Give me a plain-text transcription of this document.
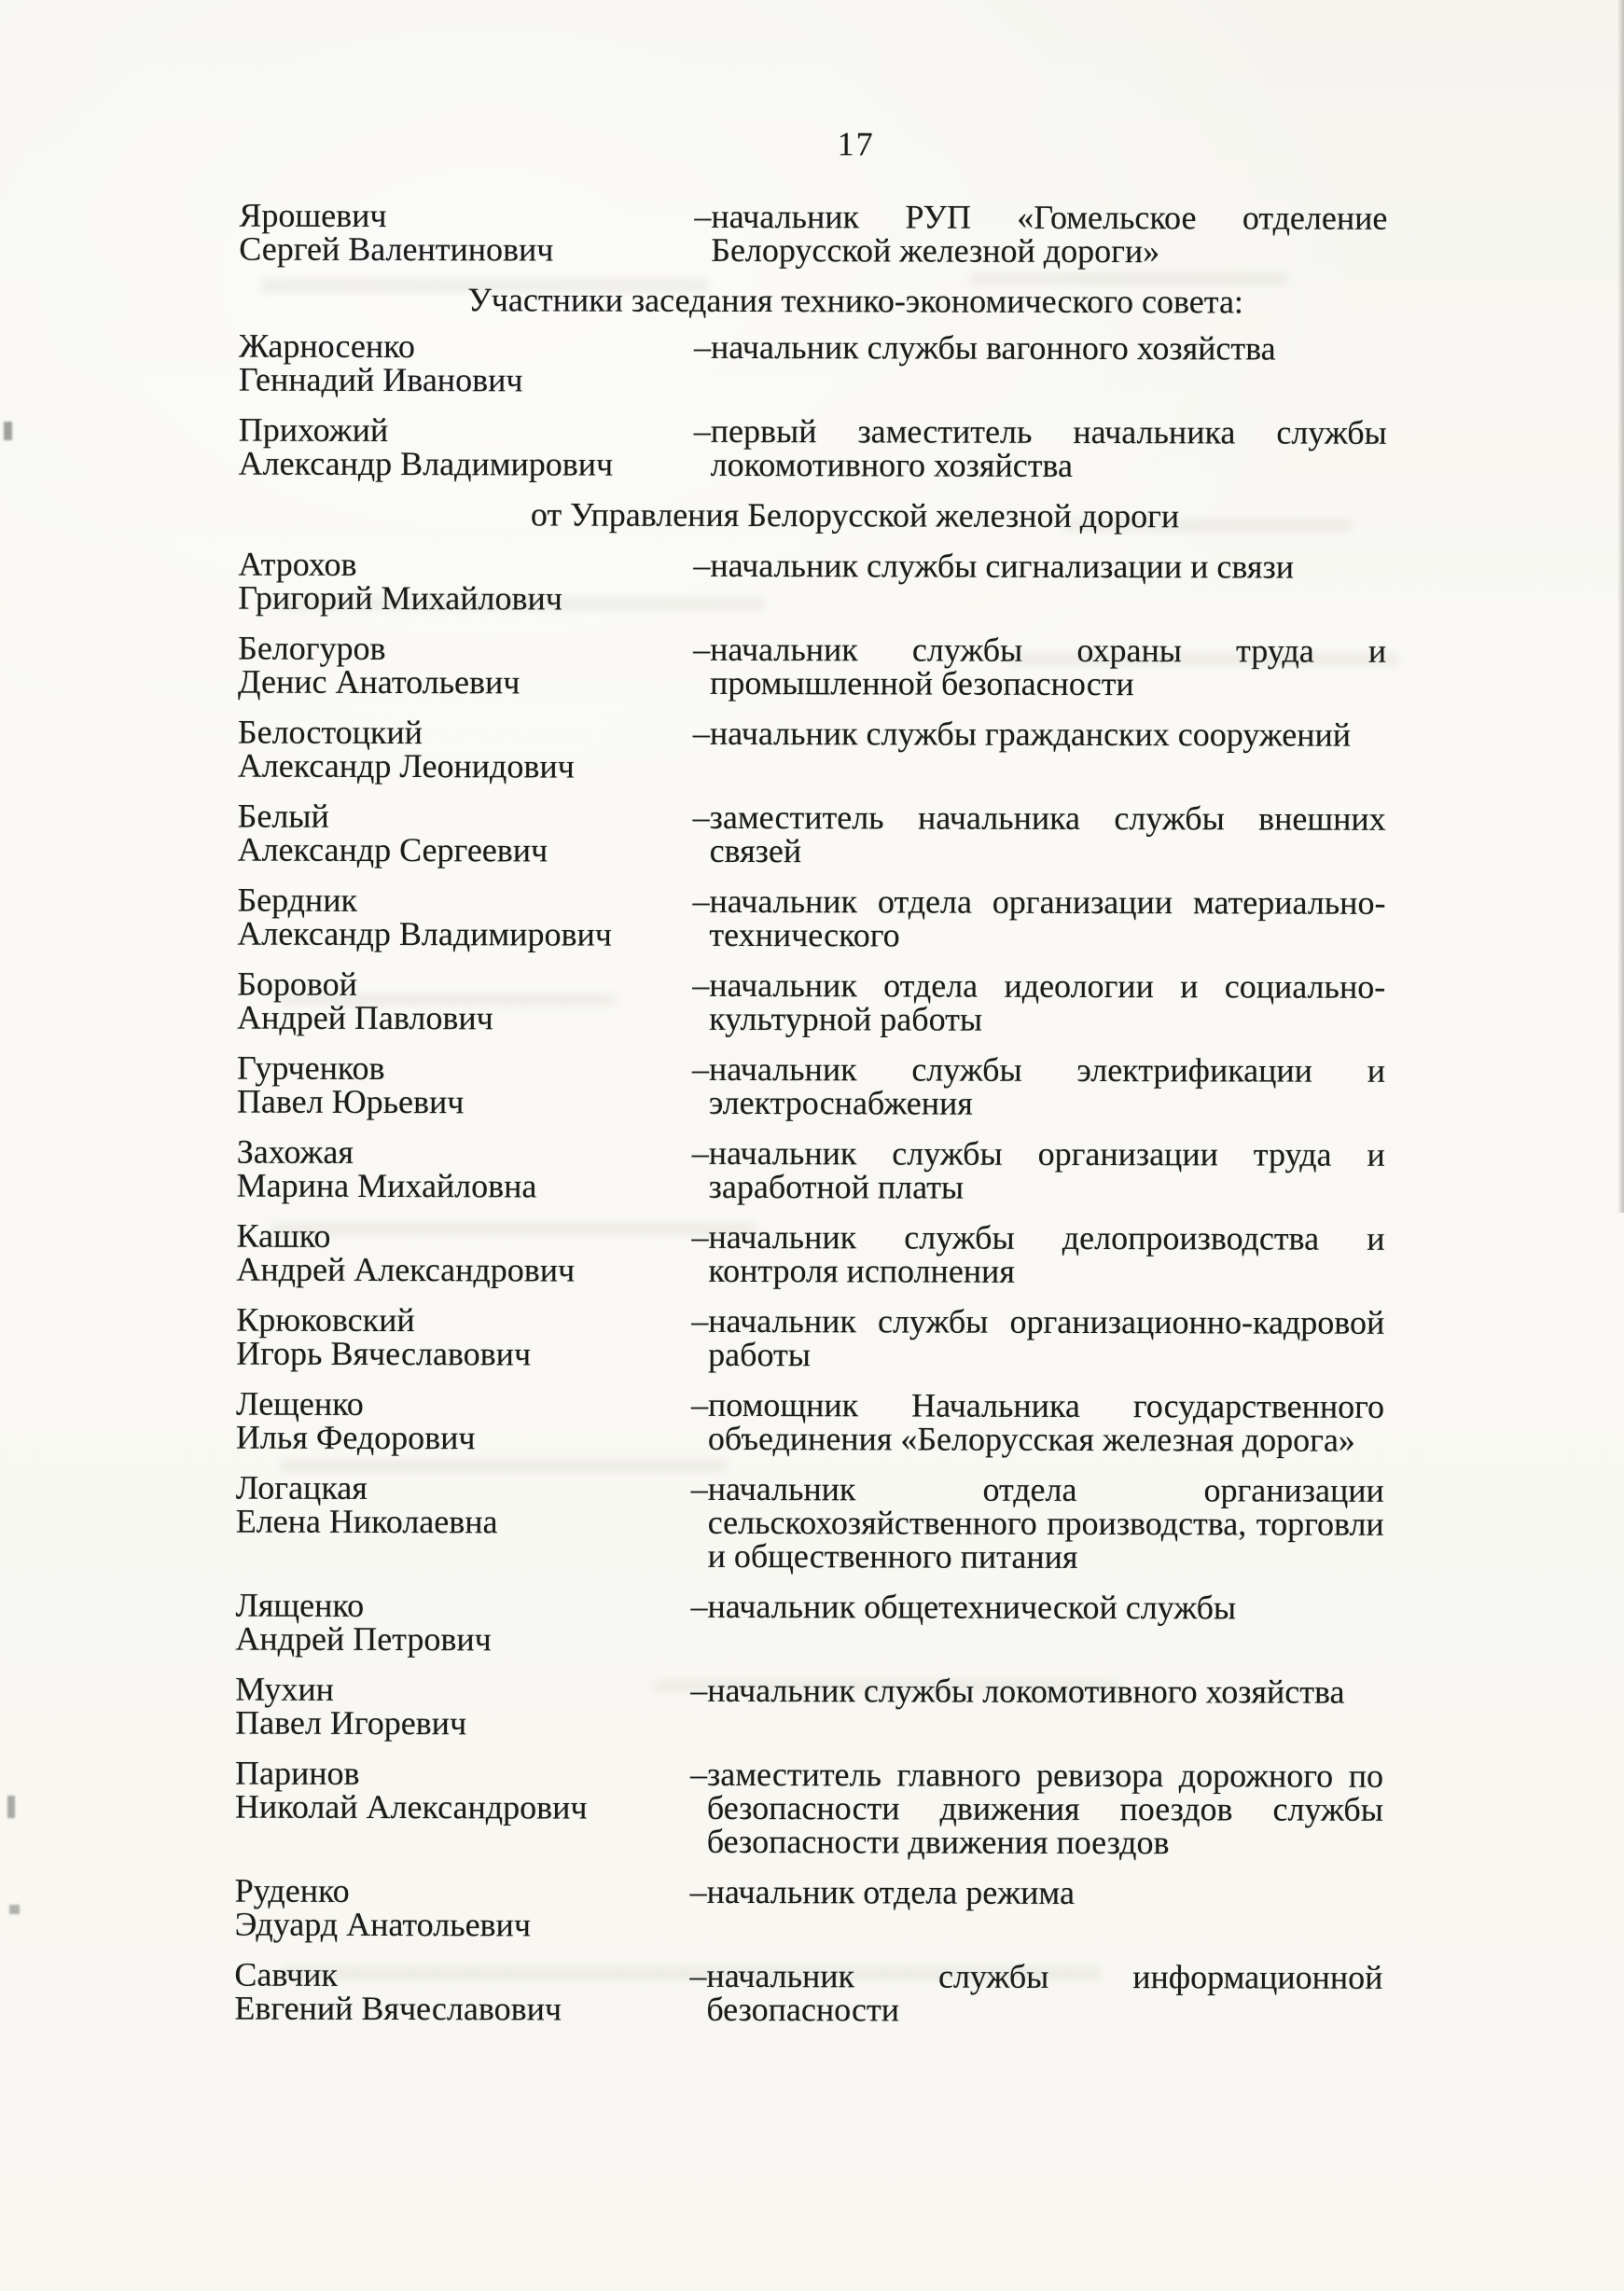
17
Ярошевич
Сергей Валентинович
–начальник РУП «Гомельское отделение Белорусской железной дороги»
Участники заседания технико-экономического совета:
Жарносенко
Геннадий Иванович
–начальник службы вагонного хозяйства
Прихожий
Александр Владимирович
–первый заместитель начальника службы локомотивного хозяйства
от Управления Белорусской железной дороги
Атрохов
Григорий Михайлович
–начальник службы сигнализации и связи
Белогуров
Денис Анатольевич
–начальник службы охраны труда и промышленной безопасности
Белостоцкий
Александр Леонидович
–начальник службы гражданских сооружений
Белый
Александр Сергеевич
–заместитель начальника службы внешних связей
Бердник
Александр Владимирович
–начальник отдела организации материально-технического
Боровой
Андрей Павлович
–начальник отдела идеологии и социально-культурной работы
Гурченков
Павел Юрьевич
–начальник службы электрификации и электроснабжения
Захожая
Марина Михайловна
–начальник службы организации труда и заработной платы
Кашко
Андрей Александрович
–начальник службы делопроизводства и контроля исполнения
Крюковский
Игорь Вячеславович
–начальник службы организационно-кадровой работы
Лещенко
Илья Федорович
–помощник Начальника государственного объединения «Белорусская железная дорога»
Логацкая
Елена Николаевна
–начальник отдела организации сельскохозяйственного производства, торговли и общественного питания
Лященко
Андрей Петрович
–начальник общетехнической службы
Мухин
Павел Игоревич
–начальник службы локомотивного хозяйства
Паринов
Николай Александрович
–заместитель главного ревизора дорожного по безопасности движения поездов службы безопасности движения поездов
Руденко
Эдуард Анатольевич
–начальник отдела режима
Савчик
Евгений Вячеславович
–начальник службы информационной безопасности
